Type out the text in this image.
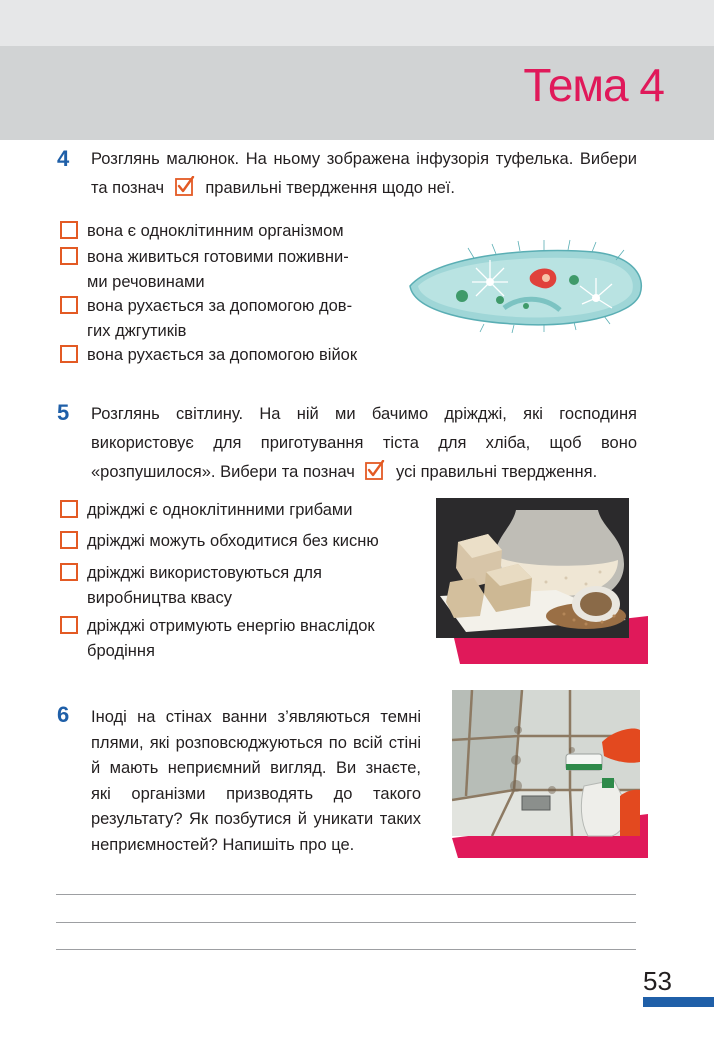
Тема 4
4 Розглянь малюнок. На ньому зображена інфузорія туфелька. Вибери та познач правильні твердження щодо неї.
вона є одноклітинним організмом
вона живиться готовими поживни-
ми речовинами
вона рухається за допомогою дов-
гих джгутиків
вона рухається за допомогою війок
5 Розглянь світлину. На ній ми бачимо дріжджі, які господиня використовує для приготування тіста для хліба, щоб воно «розпушилося». Вибери та познач усі правильні твердження.
дріжджі є одноклітинними грибами
дріжджі можуть обходитися без кисню
дріжджі використовуються для
виробництва квасу
дріжджі отримують енергію внаслідок
бродіння
6 Іноді на стінах ванни з’являються темні плями, які розповсюджуються по всій стіні й мають неприємний вигляд. Ви знаєте, які організми призводять до такого результату? Як позбутися й уникати таких неприємностей? Напишіть про це.
53
